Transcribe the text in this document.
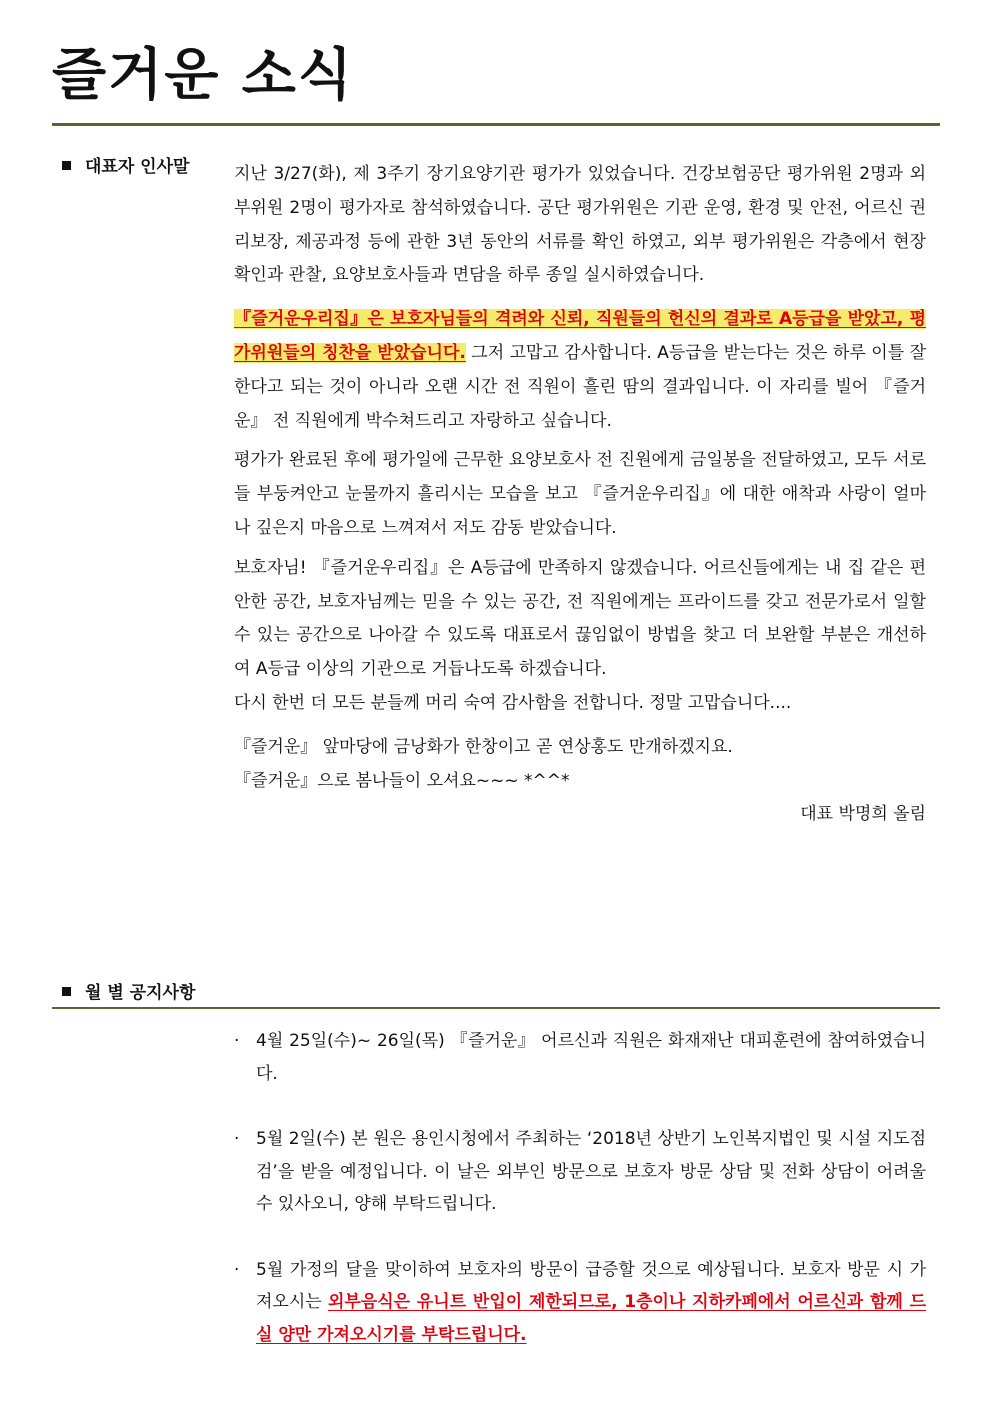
즐거운 소식
대표자 인사말	지난 3/27(화), 제 3주기 장기요양기관 평가가 있었습니다. 건강보험공단 평가위원 2명과 외부위원 2명이 평가자로 참석하였습니다. 공단 평가위원은 기관 운영, 환경 및 안전, 어르신 권리보장, 제공과정 등에 관한 3년 동안의 서류를 확인 하였고, 외부 평가위원은 각층에서 현장 확인과 관찰, 요양보호사들과 면담을 하루 종일 실시하였습니다.

『즐거운우리집』은 보호자님들의 격려와 신뢰, 직원들의 헌신의 결과로 A등급을 받았고, 평가위원들의 칭찬을 받았습니다. 그저 고맙고 감사합니다. A등급을 받는다는 것은 하루 이틀 잘한다고 되는 것이 아니라 오랜 시간 전 직원이 흘린 땀의 결과입니다. 이 자리를 빌어 『즐거운』 전 직원에게 박수쳐드리고 자랑하고 싶습니다.

평가가 완료된 후에 평가일에 근무한 요양보호사 전 진원에게 금일봉을 전달하였고, 모두 서로들 부둥켜안고 눈물까지 흘리시는 모습을 보고 『즐거운우리집』에 대한 애착과 사랑이 얼마나 깊은지 마음으로 느껴져서 저도 감동 받았습니다.

보호자님! 『즐거운우리집』은 A등급에 만족하지 않겠습니다. 어르신들에게는 내 집 같은 편안한 공간, 보호자님께는 믿을 수 있는 공간, 전 직원에게는 프라이드를 갖고 전문가로서 일할 수 있는 공간으로 나아갈 수 있도록 대표로서 끊임없이 방법을 찾고 더 보완할 부분은 개선하여 A등급 이상의 기관으로 거듭나도록 하겠습니다.

다시 한번 더 모든 분들께 머리 숙여 감사함을 전합니다. 정말 고맙습니다....

『즐거운』 앞마당에 금낭화가 한창이고 곧 연상홍도 만개하겠지요.

『즐거운』으로 봄나들이 오셔요~~~ *^^*

대표 박명희 올림

월 별 공지사항
· 4월 25일(수)~ 26일(목) 『즐거운』 어르신과 직원은 화재재난 대피훈련에 참여하였습니다.
· 5월 2일(수) 본 원은 용인시청에서 주최하는 ‘2018년 상반기 노인복지법인 및 시설 지도점검’을 받을 예정입니다. 이 날은 외부인 방문으로 보호자 방문 상담 및 전화 상담이 어려울 수 있사오니, 양해 부탁드립니다.
· 5월 가정의 달을 맞이하여 보호자의 방문이 급증할 것으로 예상됩니다. 보호자 방문 시 가져오시는 외부음식은 유니트 반입이 제한되므로, 1층이나 지하카페에서 어르신과 함께 드실 양만 가져오시기를 부탁드립니다.
